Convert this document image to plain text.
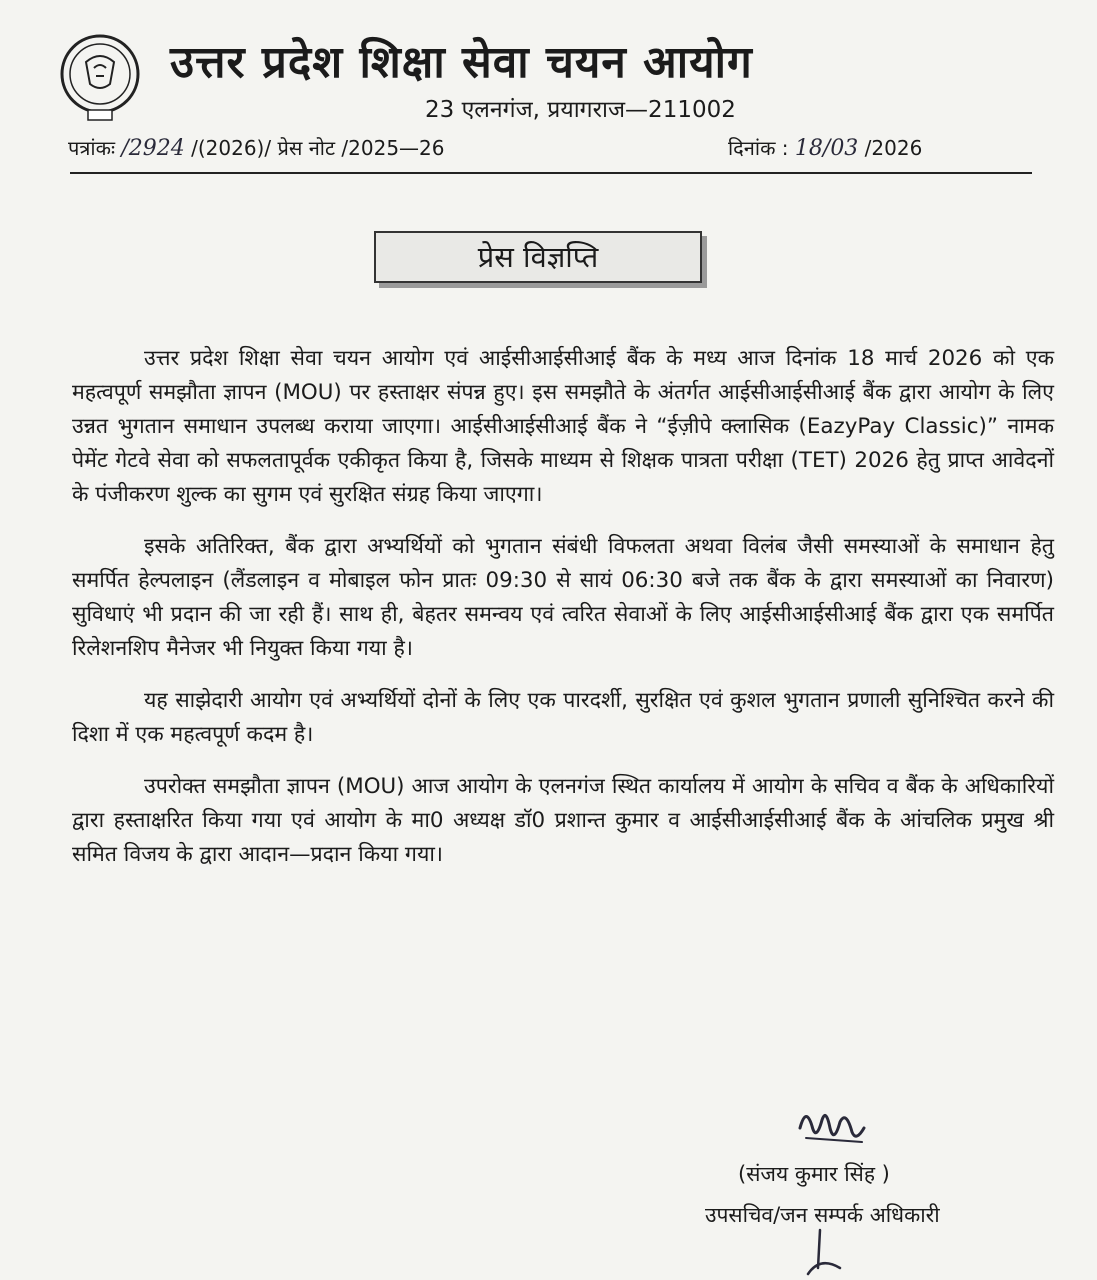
उत्तर प्रदेश शिक्षा सेवा चयन आयोग
23 एलनगंज, प्रयागराज—211002
पत्रांकः /2924 /(2026)/ प्रेस नोट /2025—26	दिनांक : 18/03 /2026
प्रेस विज्ञप्ति

उत्तर प्रदेश शिक्षा सेवा चयन आयोग एवं आईसीआईसीआई बैंक के मध्य आज दिनांक 18 मार्च 2026 को एक महत्वपूर्ण समझौता ज्ञापन (MOU) पर हस्ताक्षर संपन्न हुए। इस समझौते के अंतर्गत आईसीआईसीआई बैंक द्वारा आयोग के लिए उन्नत भुगतान समाधान उपलब्ध कराया जाएगा। आईसीआईसीआई बैंक ने “ईज़ीपे क्लासिक (EazyPay Classic)” नामक पेमेंट गेटवे सेवा को सफलतापूर्वक एकीकृत किया है, जिसके माध्यम से शिक्षक पात्रता परीक्षा (TET) 2026 हेतु प्राप्त आवेदनों के पंजीकरण शुल्क का सुगम एवं सुरक्षित संग्रह किया जाएगा।

इसके अतिरिक्त, बैंक द्वारा अभ्यर्थियों को भुगतान संबंधी विफलता अथवा विलंब जैसी समस्याओं के समाधान हेतु समर्पित हेल्पलाइन (लैंडलाइन व मोबाइल फोन प्रातः 09:30 से सायं 06:30 बजे तक बैंक के द्वारा समस्याओं का निवारण) सुविधाएं भी प्रदान की जा रही हैं। साथ ही, बेहतर समन्वय एवं त्वरित सेवाओं के लिए आईसीआईसीआई बैंक द्वारा एक समर्पित रिलेशनशिप मैनेजर भी नियुक्त किया गया है।

यह साझेदारी आयोग एवं अभ्यर्थियों दोनों के लिए एक पारदर्शी, सुरक्षित एवं कुशल भुगतान प्रणाली सुनिश्चित करने की दिशा में एक महत्वपूर्ण कदम है।

उपरोक्त समझौता ज्ञापन (MOU) आज आयोग के एलनगंज स्थित कार्यालय में आयोग के सचिव व बैंक के अधिकारियों द्वारा हस्ताक्षरित किया गया एवं आयोग के मा0 अध्यक्ष डॉ0 प्रशान्त कुमार व आईसीआईसीआई बैंक के आंचलिक प्रमुख श्री समित विजय के द्वारा आदान—प्रदान किया गया।

(संजय कुमार सिंह )
उपसचिव/जन सम्पर्क अधिकारी
